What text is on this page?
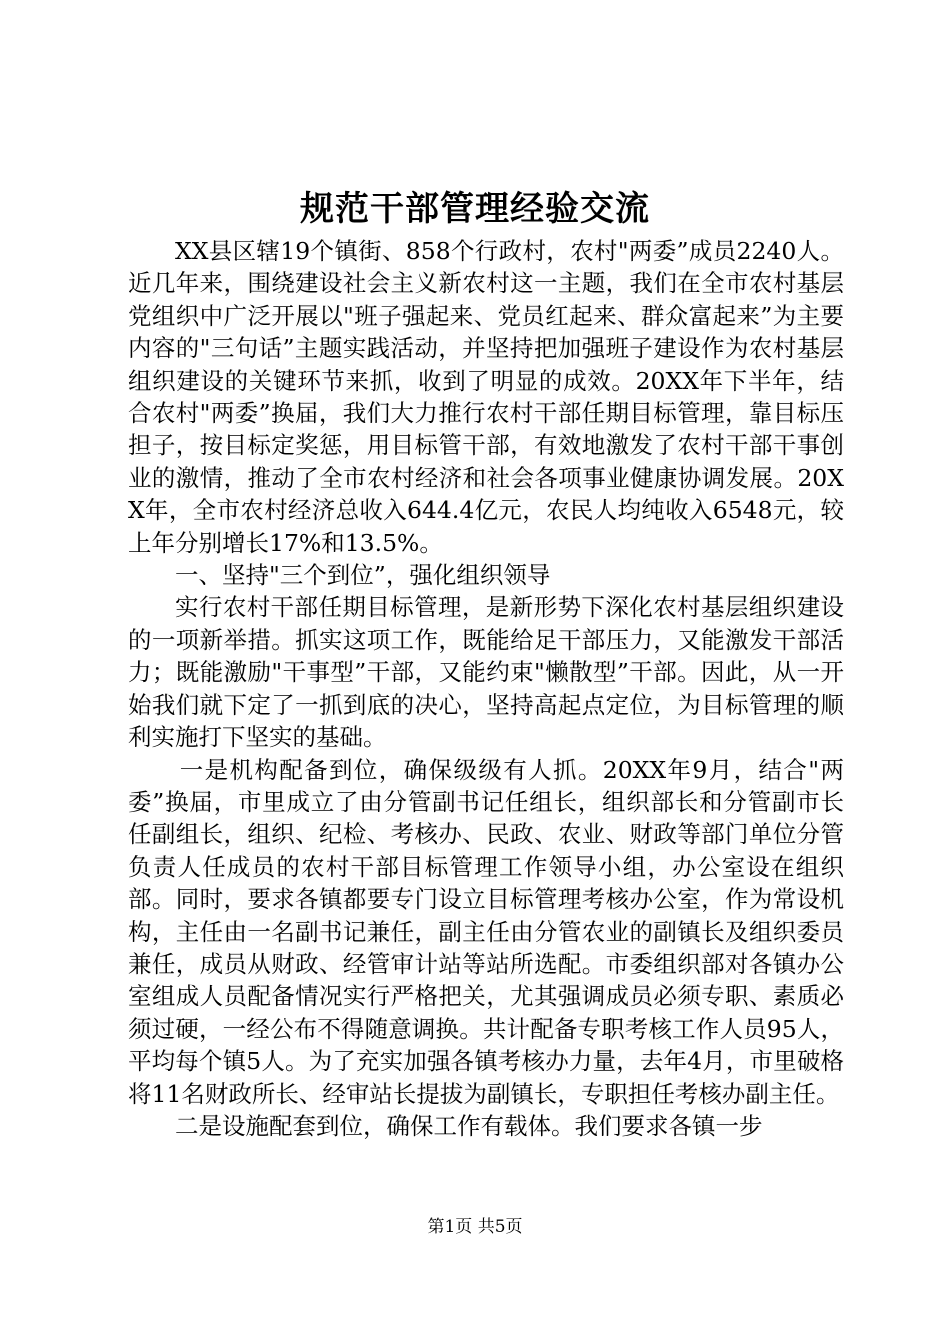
规范干部管理经验交流

XX县区辖19个镇街、858个行政村，农村"两委”成员2240人。近几年来，围绕建设社会主义新农村这一主题，我们在全市农村基层党组织中广泛开展以"班子强起来、党员红起来、群众富起来”为主要内容的"三句话”主题实践活动，并坚持把加强班子建设作为农村基层组织建设的关键环节来抓，收到了明显的成效。20XX年下半年，结合农村"两委”换届，我们大力推行农村干部任期目标管理，靠目标压担子，按目标定奖惩，用目标管干部，有效地激发了农村干部干事创业的激情，推动了全市农村经济和社会各项事业健康协调发展。20XX年，全市农村经济总收入644.4亿元，农民人均纯收入6548元，较上年分别增长17%和13.5%。

一、坚持"三个到位”，强化组织领导

实行农村干部任期目标管理，是新形势下深化农村基层组织建设的一项新举措。抓实这项工作，既能给足干部压力，又能激发干部活力；既能激励"干事型”干部，又能约束"懒散型”干部。因此，从一开始我们就下定了一抓到底的决心，坚持高起点定位，为目标管理的顺利实施打下坚实的基础。

一是机构配备到位，确保级级有人抓。20XX年9月，结合"两委”换届，市里成立了由分管副书记任组长，组织部长和分管副市长任副组长，组织、纪检、考核办、民政、农业、财政等部门单位分管负责人任成员的农村干部目标管理工作领导小组，办公室设在组织部。同时，要求各镇都要专门设立目标管理考核办公室，作为常设机构，主任由一名副书记兼任，副主任由分管农业的副镇长及组织委员兼任，成员从财政、经管审计站等站所选配。市委组织部对各镇办公室组成人员配备情况实行严格把关，尤其强调成员必须专职、素质必须过硬，一经公布不得随意调换。共计配备专职考核工作人员95人，平均每个镇5人。为了充实加强各镇考核办力量，去年4月，市里破格将11名财政所长、经审站长提拔为副镇长，专职担任考核办副主任。

二是设施配套到位，确保工作有载体。我们要求各镇一步

第1页 共5页
